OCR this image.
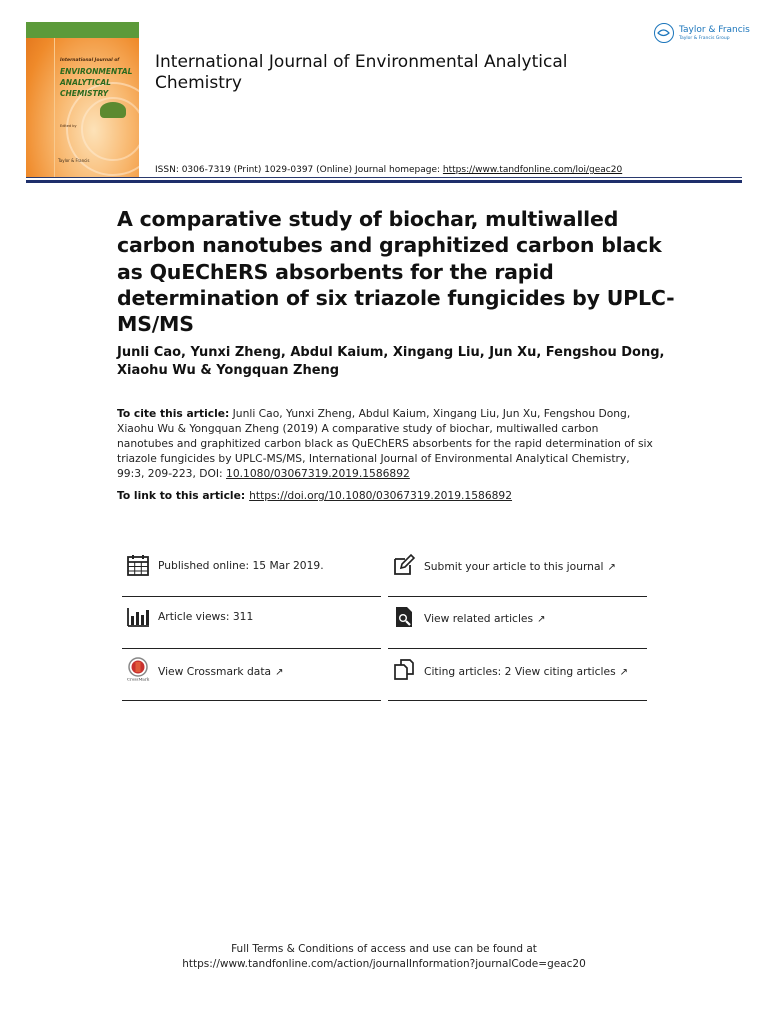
International Journal of
ENVIRONMENTAL
ANALYTICAL
CHEMISTRY
Edited by
Taylor & Francis
International Journal of Environmental Analytical Chemistry
Taylor & Francis
Taylor & Francis Group
ISSN: 0306-7319 (Print) 1029-0397 (Online) Journal homepage: https://www.tandfonline.com/loi/geac20
A comparative study of biochar, multiwalled carbon nanotubes and graphitized carbon black as QuEChERS absorbents for the rapid determination of six triazole fungicides by UPLC-MS/MS
Junli Cao, Yunxi Zheng, Abdul Kaium, Xingang Liu, Jun Xu, Fengshou Dong, Xiaohu Wu & Yongquan Zheng
To cite this article: Junli Cao, Yunxi Zheng, Abdul Kaium, Xingang Liu, Jun Xu, Fengshou Dong, Xiaohu Wu & Yongquan Zheng (2019) A comparative study of biochar, multiwalled carbon nanotubes and graphitized carbon black as QuEChERS absorbents for the rapid determination of six triazole fungicides by UPLC-MS/MS, International Journal of Environmental Analytical Chemistry, 99:3, 209-223, DOI: 10.1080/03067319.2019.1586892
To link to this article: https://doi.org/10.1080/03067319.2019.1586892
Published online: 15 Mar 2019.	Submit your article to this journal ↗
Article views: 311	View related articles ↗
CrossMark
View Crossmark data ↗	Citing articles: 2 View citing articles ↗
Full Terms & Conditions of access and use can be found at
https://www.tandfonline.com/action/journalInformation?journalCode=geac20
